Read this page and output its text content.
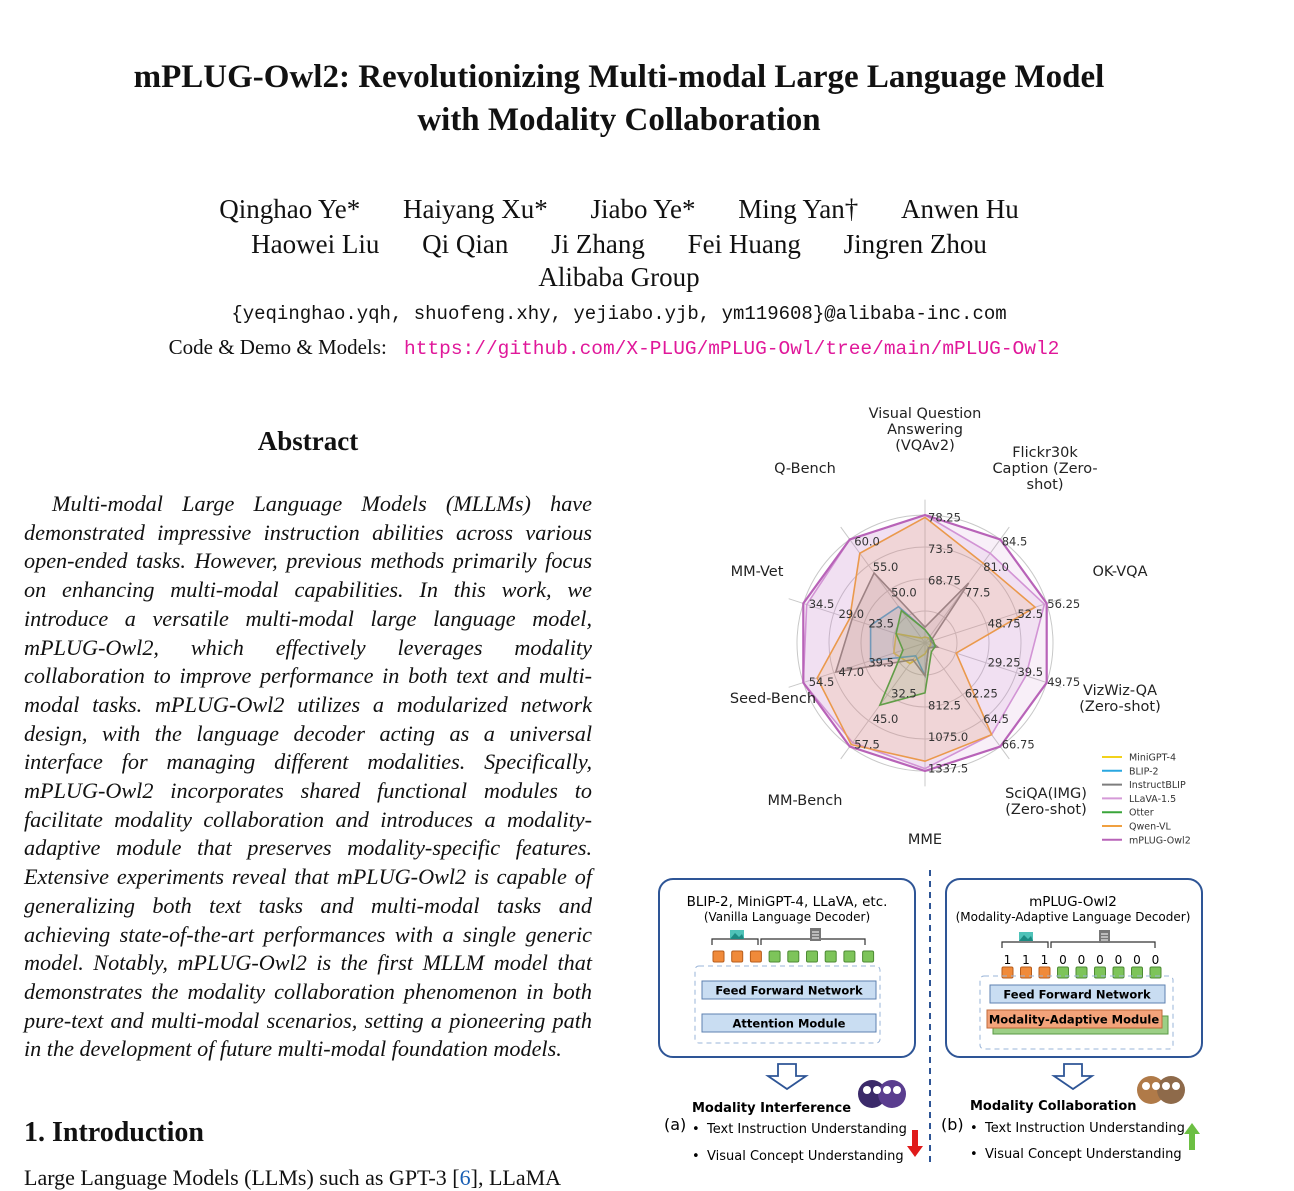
mPLUG-Owl2: Revolutionizing Multi-modal Large Language Model
with Modality Collaboration
Qinghao Ye* Haiyang Xu* Jiabo Ye* Ming Yan† Anwen Hu
Haowei Liu Qi Qian Ji Zhang Fei Huang Jingren Zhou
Alibaba Group
{yeqinghao.yqh, shuofeng.xhy, yejiabo.yjb, ym119608}@alibaba-inc.com
Code & Demo & Models: https://github.com/X-PLUG/mPLUG-Owl/tree/main/mPLUG-Owl2
Abstract

Multi-modal Large Language Models (MLLMs) have demonstrated impressive instruction abilities across various open-ended tasks. However, previous methods primarily focus on enhancing multi-modal capabilities. In this work, we introduce a versatile multi-modal large language model, mPLUG-Owl2, which effectively leverages modality collaboration to improve performance in both text and multi-modal tasks. mPLUG-Owl2 utilizes a modularized network design, with the language decoder acting as a universal interface for managing different modalities. Specifically, mPLUG-Owl2 incorporates shared functional modules to facilitate modality collaboration and introduces a modality-adaptive module that preserves modality-specific features. Extensive experiments reveal that mPLUG-Owl2 is capable of generalizing both text tasks and multi-modal tasks and achieving state-of-the-art performances with a single generic model. Notably, mPLUG-Owl2 is the first MLLM model that demonstrates the modality collaboration phenomenon in both pure-text and multi-modal scenarios, setting a pioneering path in the development of future multi-modal foundation models.

1. Introduction
Large Language Models (LLMs) such as GPT-3 [6], LLaMA
68.75
73.5
78.25
77.5
81.0
84.5
48.75
52.5
56.25
29.25
39.5
49.75
62.25
64.5
66.75
812.5
1075.0
1337.5
32.5
45.0
57.5
39.5
47.0
54.5
23.5
29.0
34.5
50.0
55.0
60.0
Visual Question Answering (VQAv2)	Flickr30k Caption (Zero-shot)
OK-VQA
VizWiz-QA (Zero-shot)
SciQA(IMG) (Zero-shot)
MME
MM-Bench
Seed-Bench
MM-Vet
Q-Bench
MiniGPT-4
BLIP-2
InstructBLIP
LLaVA-1.5
Otter
Qwen-VL
mPLUG-Owl2
BLIP-2, MiniGPT-4, LLaVA, etc.
(Vanilla Language Decoder)
Feed Forward Network
Attention Module
Modality Interference
(a) • Text Instruction Understanding
• Visual Concept Understanding
mPLUG-Owl2
(Modality-Adaptive Language Decoder)
1 1 1 0 0 0 0 0 0
Feed Forward Network
Modality-Adaptive Module
Modality Collaboration
(b) • Text Instruction Understanding
• Visual Concept Understanding
